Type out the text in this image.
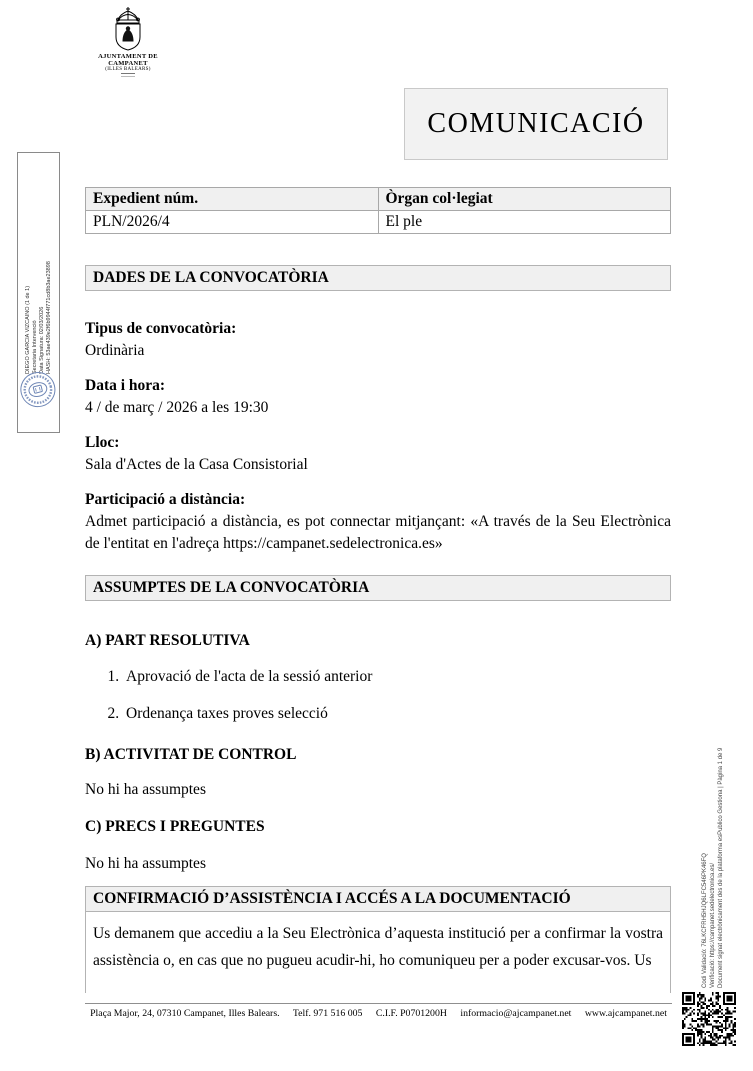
AJUNTAMENT DE CAMPANET
(ILLES BALEARS)
COMUNICACIÓ
Expedient núm.	Òrgan col·legiat
PLN/2026/4	El ple
DADES DE LA CONVOCATÒRIA
Tipus de convocatòria:
Ordinària
Data i hora:
4 / de març / 2026 a les 19:30
Lloc:
Sala d'Actes de la Casa Consistorial
Participació a distància:
Admet participació a distància, es pot connectar mitjançant: «A través de la Seu Electrònica de l'entitat en l'adreça https://campanet.sedelectronica.es»
ASSUMPTES DE LA CONVOCATÒRIA
A) PART RESOLUTIVA
1. Aprovació de l'acta de la sessió anterior
2. Ordenança taxes proves selecció
B) ACTIVITAT DE CONTROL
No hi ha assumptes
C) PRECS I PREGUNTES
No hi ha assumptes
CONFIRMACIÓ D’ASSISTÈNCIA I ACCÉS A LA DOCUMENTACIÓ
Us demanem que accediu a la Seu Electrònica d’aquesta institució per a confirmar la vostra assistència o, en cas que no pugueu acudir-hi, ho comuniqueu per a poder excusar-vos. Us
Plaça Major, 24, 07310 Campanet, Illes Balears. Telf. 971 516 005 C.I.F. P0701200H informacio@ajcampanet.net www.ajcampanet.net
DIEGO GARCIA VIZCAINO (1 de 1) Secretaria Intervenció Data Signatura: 02/03/2026 HASH: 53ae439e2f6b9944f771cd8b3ae23898
Codi Validació: 76LKCFRH5HJQ6LFC546PK46FQ Verificació: https://campanet.sedelectronica.es/ Document signat electrònicament des de la plataforma esPublico Gestiona | Pàgina 1 de 9
